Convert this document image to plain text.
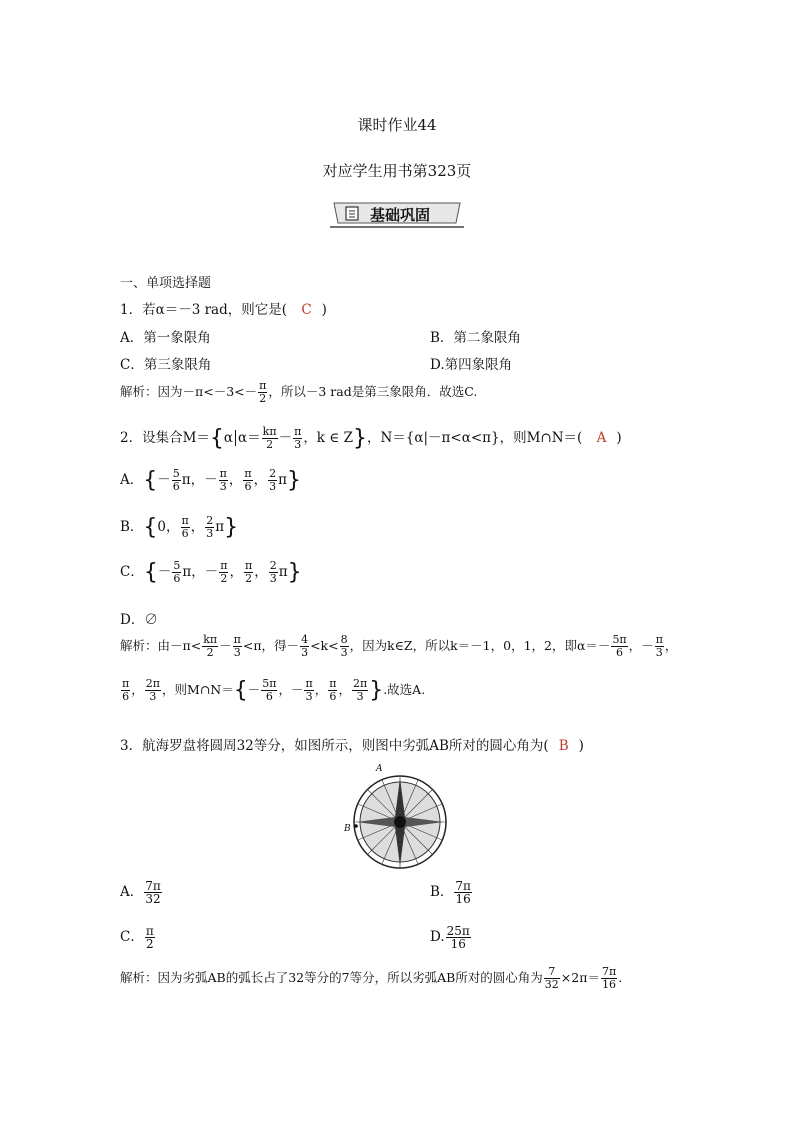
课时作业44
对应学生用书第323页
基础巩固
一、单项选择题
1．若α＝－3 rad，则它是( C )
A．第一象限角	B．第二象限角
C．第三象限角	D.第四象限角
解析：因为$-\pi<-3<- \frac{\pi}{2}$ ，所以－3 rad是第三象限角．故选C.
2．设集合M＝{α $\alpha= \frac{k\pi}{2} - \frac{\pi}{3}$ ，k ∈ Z}，N＝{α|－π<α<π}，则M∩N＝( A )
A．{－ $\frac{5}{6}$ π，－ $\frac{\pi}{3}$ ， $\frac{\pi}{6}$ ， $\frac{2}{3} \pi$}
B．{0， $\frac{\pi}{6}$ ， $\frac{2}{3} \pi$}
C．{－ $\frac{5}{6}$ π，－ $\frac{\pi}{2}$ ， $\frac{\pi}{2}$ ， $\frac{2}{3} \pi$}
D．∅
解析：由$-\pi< \frac{k\pi}{2} - \frac{\pi}{3} <\pi$，得－ $\frac{4}{3} <k< \frac{8}{3}$ ，因为k∈Z，所以k＝－1，0，1，2，即$\alpha=- \frac{5\pi}{6}$ ，－ $\frac{\pi}{3}$ ，
$\frac{\pi}{6}$ ， $\frac{2\pi}{3}$ ，则M∩N＝{－ $\frac{5\pi}{6}$ ，－ $\frac{\pi}{3}$ ， $\frac{\pi}{6}$ ， $\frac{2\pi}{3}$ }.故选A.
3．航海罗盘将圆周32等分，如图所示，则图中劣弧AB所对的圆心角为( B )
A
B
A． $\frac{7\pi}{32}$	B． $\frac{7\pi}{16}$
C． $\frac{\pi}{2}$	D. $\frac{25\pi}{16}$
解析：因为劣弧AB的弧长占了32等分的7等分，所以劣弧AB所对的圆心角为 $\frac{7}{32} \times 2\pi= \frac{7\pi}{16}$ .
